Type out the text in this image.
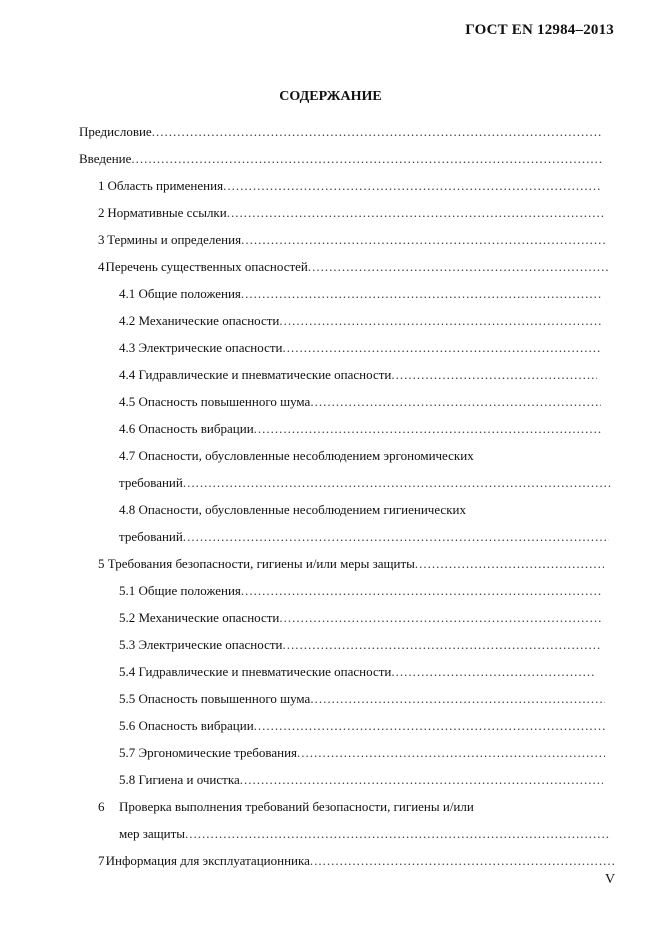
ГОСТ EN 12984–2013
СОДЕРЖАНИЕ
Предисловие
.....
Введение
.....
1 Область применения
.....
2 Нормативные ссылки
.....
3 Термины и определения
.....
4 Перечень существенных опасностей
.....
4.1 Общие положения
.....
4.2 Механические опасности
.....
4.3 Электрические опасности
.....
4.4 Гидравлические и пневматические опасности
.....
4.5 Опасность повышенного шума
.....
4.6 Опасность вибрации
.....
4.7 Опасности, обусловленные несоблюдением эргономических
требований
.....
4.8 Опасности, обусловленные несоблюдением гигиенических
требований
.....
5 Требования безопасности, гигиены и/или меры защиты
.....
5.1 Общие положения
.....
5.2 Механические опасности
.....
5.3 Электрические опасности
.....
5.4 Гидравлические и пневматические опасности
.....
5.5 Опасность повышенного шума
.....
5.6 Опасность вибрации
.....
5.7 Эргономические требования
.....
5.8 Гигиена и очистка
.....
6	Проверка выполнения требований безопасности, гигиены и/или
мер защиты
.....
7 Информация для эксплуатационника
.....
V
